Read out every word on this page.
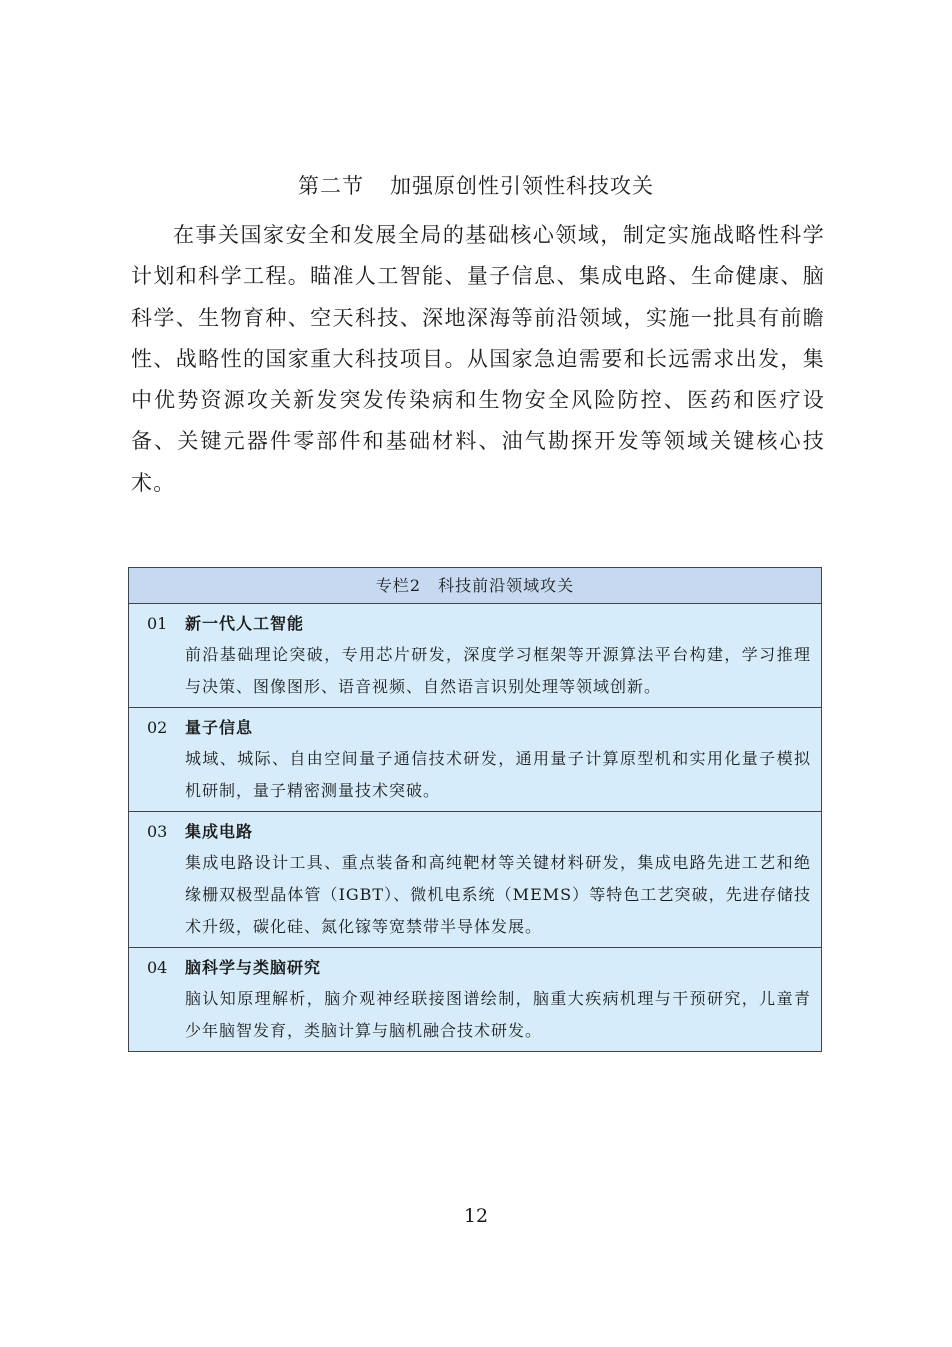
第二节 加强原创性引领性科技攻关

在事关国家安全和发展全局的基础核心领域，制定实施战略性科学计划和科学工程。瞄准人工智能、量子信息、集成电路、生命健康、脑科学、生物育种、空天科技、深地深海等前沿领域，实施一批具有前瞻性、战略性的国家重大科技项目。从国家急迫需要和长远需求出发，集中优势资源攻关新发突发传染病和生物安全风险防控、医药和医疗设备、关键元器件零部件和基础材料、油气勘探开发等领域关键核心技术。

专栏2　科技前沿领域攻关
01	新一代人工智能
前沿基础理论突破，专用芯片研发，深度学习框架等开源算法平台构建，学习推理与决策、图像图形、语音视频、自然语言识别处理等领域创新。
02	量子信息
城域、城际、自由空间量子通信技术研发，通用量子计算原型机和实用化量子模拟机研制，量子精密测量技术突破。
03	集成电路
集成电路设计工具、重点装备和高纯靶材等关键材料研发，集成电路先进工艺和绝缘栅双极型晶体管（IGBT）、微机电系统（MEMS）等特色工艺突破，先进存储技术升级，碳化硅、氮化镓等宽禁带半导体发展。
04	脑科学与类脑研究
脑认知原理解析，脑介观神经联接图谱绘制，脑重大疾病机理与干预研究，儿童青少年脑智发育，类脑计算与脑机融合技术研发。
12
